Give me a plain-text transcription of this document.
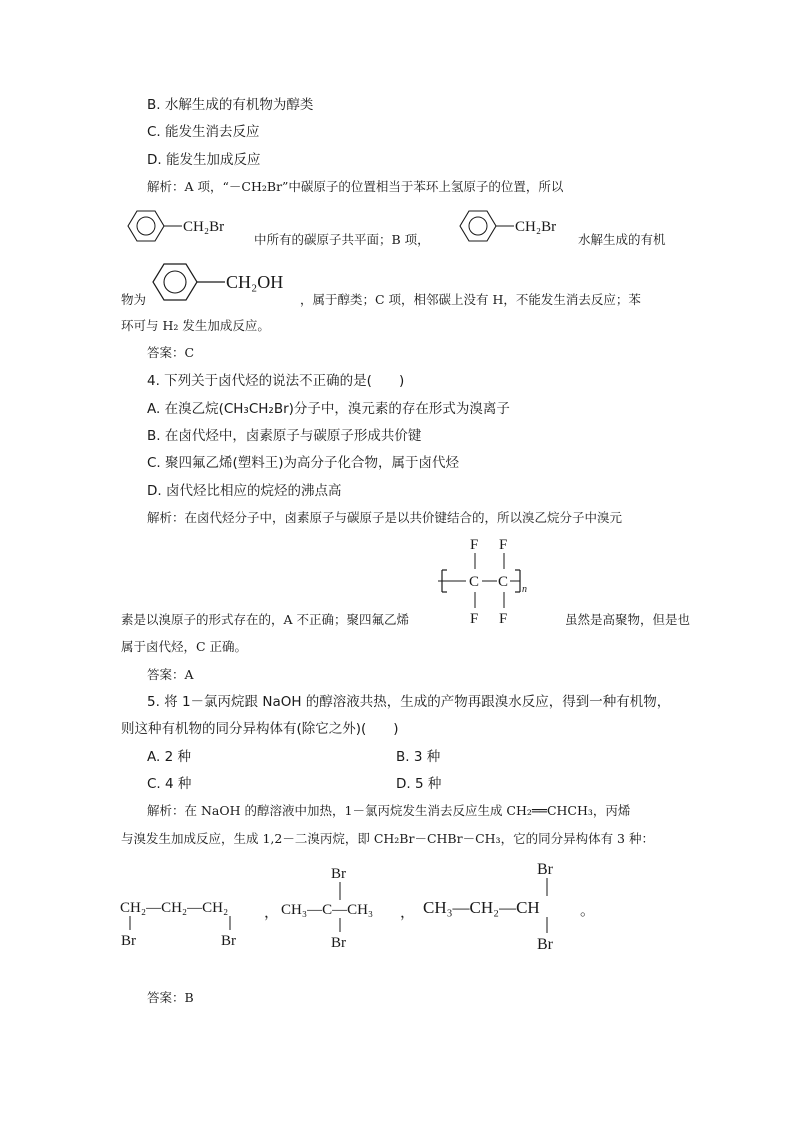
B. 水解生成的有机物为醇类
C. 能发生消去反应
D. 能发生加成反应
解析：A 项，“－CH₂Br”中碳原子的位置相当于苯环上氢原子的位置，所以
CH₂Br
中所有的碳原子共平面；B 项，
CH₂Br
水解生成的有机
物为
CH₂OH
，属于醇类；C 项，相邻碳上没有 H，不能发生消去反应；苯
环可与 H₂ 发生加成反应。
答案：C
4. 下列关于卤代烃的说法不正确的是(　　)
A. 在溴乙烷(CH₃CH₂Br)分子中，溴元素的存在形式为溴离子
B. 在卤代烃中，卤素原子与碳原子形成共价键
C. 聚四氟乙烯(塑料王)为高分子化合物，属于卤代烃
D. 卤代烃比相应的烷烃的沸点高
解析：在卤代烃分子中，卤素原子与碳原子是以共价键结合的，所以溴乙烷分子中溴元
F F
C C n
F F
素是以溴原子的形式存在的，A 不正确；聚四氟乙烯	虽然是高聚物，但是也
属于卤代烃，C 正确。
答案：A
5. 将 1－氯丙烷跟 NaOH 的醇溶液共热，生成的产物再跟溴水反应，得到一种有机物，
则这种有机物的同分异构体有(除它之外)(　　)
A. 2 种	B. 3 种
C. 4 种	D. 5 种
解析：在 NaOH 的醇溶液中加热，1－氯丙烷发生消去反应生成 CH₂══CHCH₃，丙烯
与溴发生加成反应，生成 1,2－二溴丙烷，即 CH₂Br－CHBr－CH₃，它的同分异构体有 3 种：
CH₂—CH₂—CH₂
Br	Br
，
Br
CH₃—C—CH₃
Br
，
Br
CH₃—CH₂—CH
Br
。
答案：B
